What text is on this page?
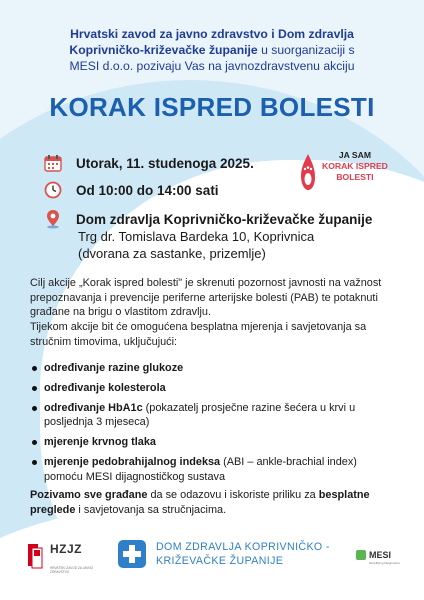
Hrvatski zavod za javno zdravstvo i Dom zdravlja
Koprivničko-križevačke županije u suorganizaciji s
MESI d.o.o. pozivaju Vas na javnozdravstvenu akciju
KORAK ISPRED BOLESTI
Utorak, 11. studenoga 2025.
Od 10:00 do 14:00 sati
Dom zdravlja Koprivničko-križevačke županije
Trg dr. Tomislava Bardeka 10, Koprivnica
(dvorana za sastanke, prizemlje)
JA SAM
KORAK ISPRED
BOLESTI

Cilj akcije „Korak ispred bolesti" je skrenuti pozornost javnosti na važnost prepoznavanja i prevencije periferne arterijske bolesti (PAB) te potaknuti građane na brigu o vlastitom zdravlju.

Tijekom akcije bit će omogućena besplatna mjerenja i savjetovanja sa stručnim timovima, uključujući:

određivanje razine glukoze
određivanje kolesterola
određivanje HbA1c (pokazatelj prosječne razine šećera u krvi u posljednja 3 mjeseca)
mjerenje krvnog tlaka
mjerenje pedobrahijalnog indeksa (ABI – ankle-brachial index) pomoću MESI dijagnostičkog sustava

Pozivamo sve građane da se odazovu i iskoriste priliku za besplatne preglede i savjetovanja sa stručnjacima.

HZJZ
HRVATSKI ZAVOD ZA JAVNO ZDRAVSTVO
DOM ZDRAVLJA KOPRIVNIČKO -
KRIŽEVAČKE ŽUPANIJE	MESI
Simplifying Diagnostics
